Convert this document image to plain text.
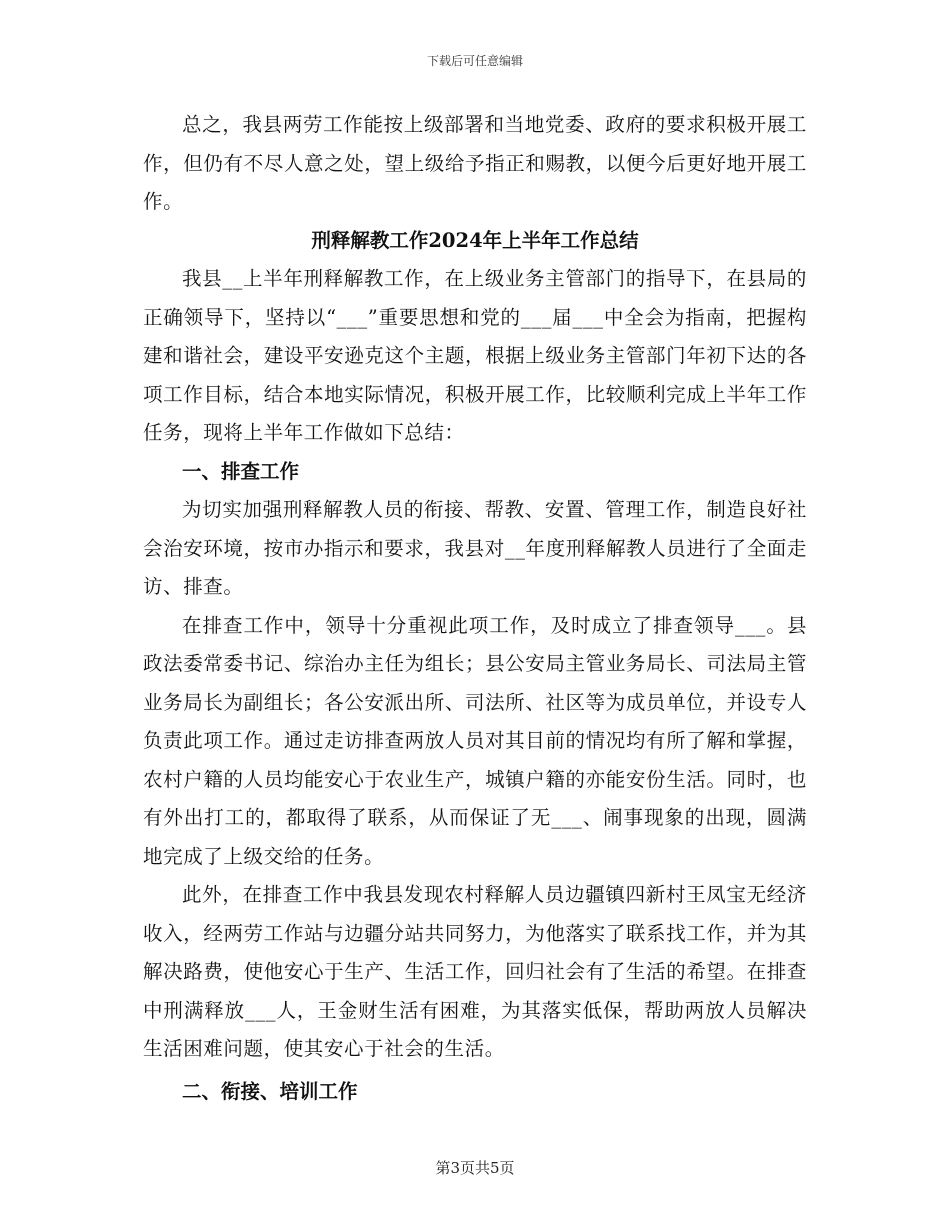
下载后可任意编辑

总之，我县两劳工作能按上级部署和当地党委、政府的要求积极开展工作，但仍有不尽人意之处，望上级给予指正和赐教，以便今后更好地开展工作。

刑释解教工作2024年上半年工作总结

我县__上半年刑释解教工作，在上级业务主管部门的指导下，在县局的正确领导下，坚持以“___”重要思想和党的___届___中全会为指南，把握构建和谐社会，建设平安逊克这个主题，根据上级业务主管部门年初下达的各项工作目标，结合本地实际情况，积极开展工作，比较顺利完成上半年工作任务，现将上半年工作做如下总结：

一、排查工作

为切实加强刑释解教人员的衔接、帮教、安置、管理工作，制造良好社会治安环境，按市办指示和要求，我县对__年度刑释解教人员进行了全面走访、排查。

在排查工作中，领导十分重视此项工作，及时成立了排查领导___。县政法委常委书记、综治办主任为组长；县公安局主管业务局长、司法局主管业务局长为副组长；各公安派出所、司法所、社区等为成员单位，并设专人负责此项工作。通过走访排查两放人员对其目前的情况均有所了解和掌握，农村户籍的人员均能安心于农业生产，城镇户籍的亦能安份生活。同时，也有外出打工的，都取得了联系，从而保证了无___、闹事现象的出现，圆满地完成了上级交给的任务。

此外，在排查工作中我县发现农村释解人员边疆镇四新村王凤宝无经济收入，经两劳工作站与边疆分站共同努力，为他落实了联系找工作，并为其解决路费，使他安心于生产、生活工作，回归社会有了生活的希望。在排查中刑满释放___人，王金财生活有困难，为其落实低保，帮助两放人员解决生活困难问题，使其安心于社会的生活。

二、衔接、培训工作

第3页共5页
